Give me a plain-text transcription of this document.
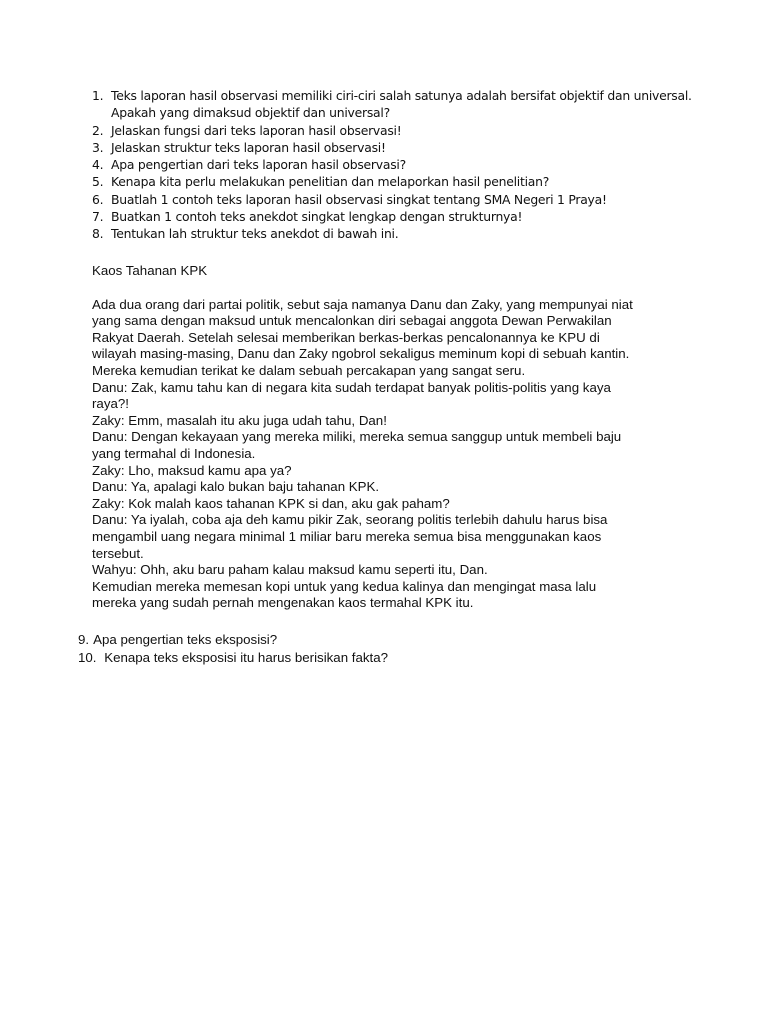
1. Teks laporan hasil observasi memiliki ciri-ciri salah satunya adalah bersifat objektif dan universal. Apakah yang dimaksud objektif dan universal?
2. Jelaskan fungsi dari teks laporan hasil observasi!
3. Jelaskan struktur teks laporan hasil observasi!
4. Apa pengertian dari teks laporan hasil observasi?
5. Kenapa kita perlu melakukan penelitian dan melaporkan hasil penelitian?
6. Buatlah 1 contoh teks laporan hasil observasi singkat tentang SMA Negeri 1 Praya!
7. Buatkan 1 contoh teks anekdot singkat lengkap dengan strukturnya!
8. Tentukan lah struktur teks anekdot di bawah ini.

Kaos Tahanan KPK

Ada dua orang dari partai politik, sebut saja namanya Danu dan Zaky, yang mempunyai niat

yang sama dengan maksud untuk mencalonkan diri sebagai anggota Dewan Perwakilan

Rakyat Daerah. Setelah selesai memberikan berkas-berkas pencalonannya ke KPU di

wilayah masing-masing, Danu dan Zaky ngobrol sekaligus meminum kopi di sebuah kantin.

Mereka kemudian terikat ke dalam sebuah percakapan yang sangat seru.

Danu: Zak, kamu tahu kan di negara kita sudah terdapat banyak politis-politis yang kaya

raya?!

Zaky: Emm, masalah itu aku juga udah tahu, Dan!

Danu: Dengan kekayaan yang mereka miliki, mereka semua sanggup untuk membeli baju

yang termahal di Indonesia.

Zaky: Lho, maksud kamu apa ya?

Danu: Ya, apalagi kalo bukan baju tahanan KPK.

Zaky: Kok malah kaos tahanan KPK si dan, aku gak paham?

Danu: Ya iyalah, coba aja deh kamu pikir Zak, seorang politis terlebih dahulu harus bisa

mengambil uang negara minimal 1 miliar baru mereka semua bisa menggunakan kaos

tersebut.

Wahyu: Ohh, aku baru paham kalau maksud kamu seperti itu, Dan.

Kemudian mereka memesan kopi untuk yang kedua kalinya dan mengingat masa lalu

mereka yang sudah pernah mengenakan kaos termahal KPK itu.

9. Apa pengertian teks eksposisi?
10. Kenapa teks eksposisi itu harus berisikan fakta?
